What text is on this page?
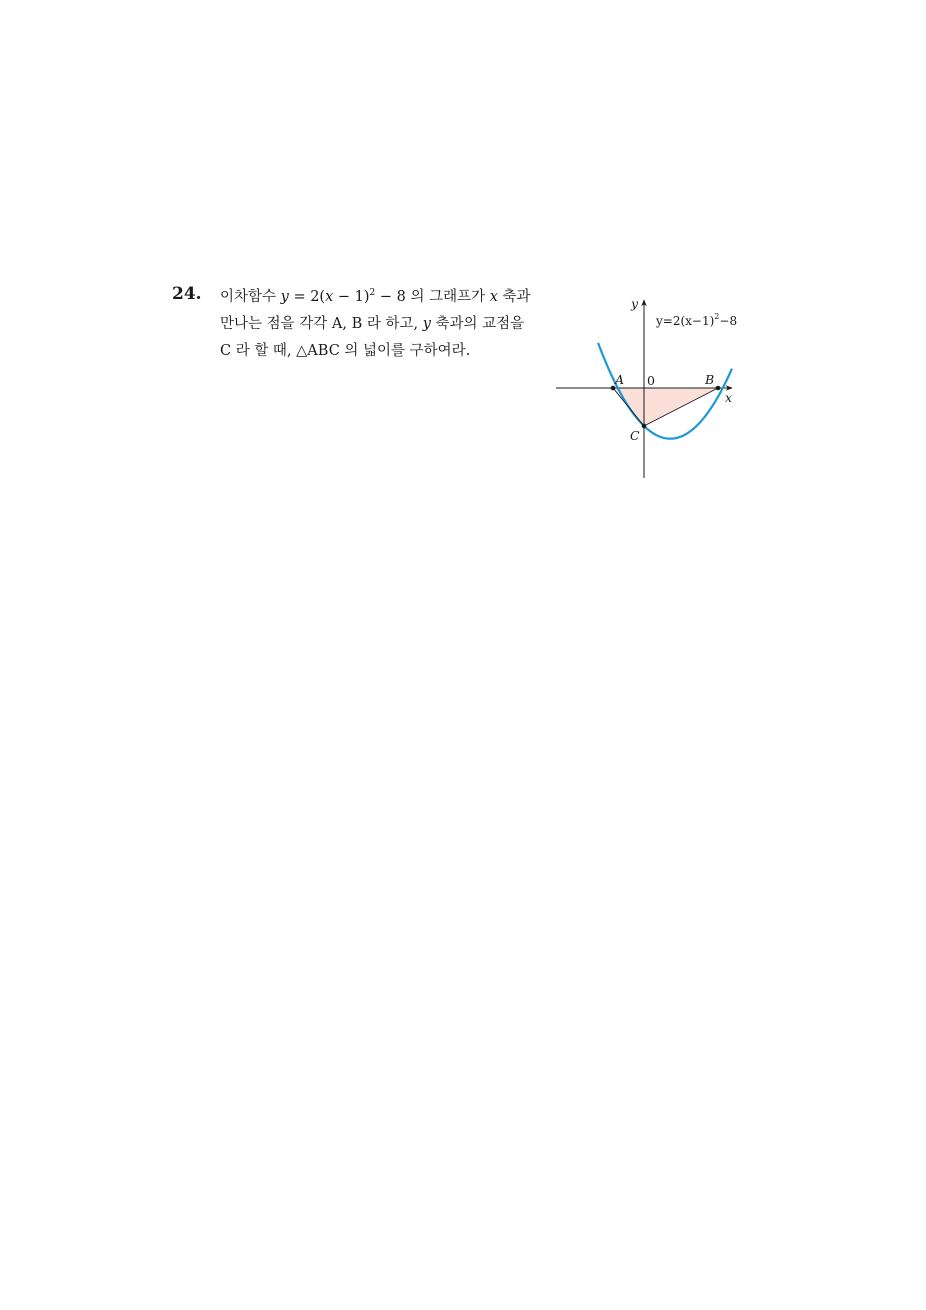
24. 이차함수 $y = 2(x - 1)^2 - 8$ 의 그래프가 x 축과
만나는 점을 각각 A, B 라 하고, y 축과의 교점을
C 라 할 때, △ABC 의 넓이를 구하여라.
A	B
C
0
x
y
$y=2(x-1)^2-8$
